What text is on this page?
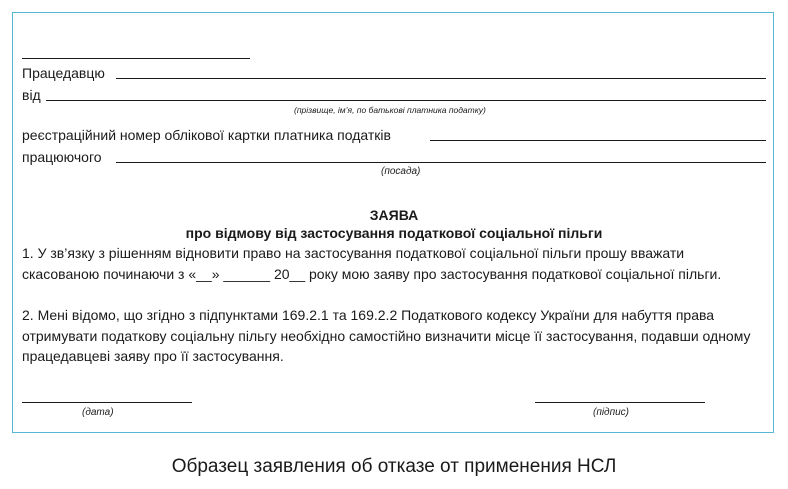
Працедавцю
від
(прізвище, ім’я, по батькові платника податку)
реєстраційний номер облікової картки платника податків
працюючого
(посада)
ЗАЯВА
про відмову від застосування податкової соціальної пільги
1. У зв’язку з рішенням відновити право на застосування податкової соціальної пільги прошу вважати скасованою починаючи з «__» ______ 20__ року мою заяву про застосування податкової соціальної пільги.
2. Мені відомо, що згідно з підпунктами 169.2.1 та 169.2.2 Податкового кодексу України для набуття права отримувати податкову соціальну пільгу необхідно самостійно визначити місце її застосування, подавши одному працедавцеві заяву про її застосування.
(дата)	(підпис)
Образец заявления об отказе от применения НСЛ
